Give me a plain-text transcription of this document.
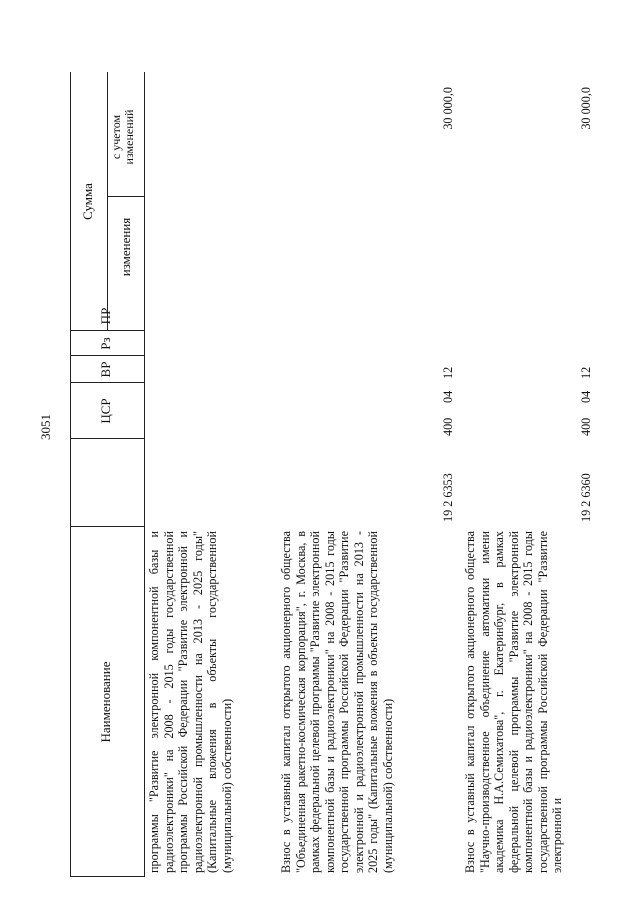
3051
Наименование
ЦСР
ВР
Рз
ПР
Сумма
изменения
с учетом изменений
программы "Развитие электронной компонентной базы и радиоэлектроники" на 2008 - 2015 годы государственной программы Российской Федерации "Развитие электронной и радиоэлектронной промышленности на 2013 - 2025 годы" (Капитальные вложения в объекты государственной (муниципальной) собственности)	Взнос в уставный капитал открытого акционерного общества "Объединенная ракетно-космическая корпорация", г. Москва, в рамках федеральной целевой программы "Развитие электронной компонентной базы и радиоэлектроники" на 2008 - 2015 годы государственной программы Российской Федерации "Развитие электронной и радиоэлектронной промышленности на 2013 - 2025 годы" (Капитальные вложения в объекты государственной (муниципальной) собственности)
19 2 6353
400
04
12
30 000,0
Взнос в уставный капитал открытого акционерного общества "Научно-производственное объединение автоматики имени академика Н.А.Семихатова", г. Екатеринбург, в рамках федеральной целевой программы "Развитие электронной компонентной базы и радиоэлектроники" на 2008 - 2015 годы государственной программы Российской Федерации "Развитие электронной и
19 2 6360
400
04
12
30 000,0
